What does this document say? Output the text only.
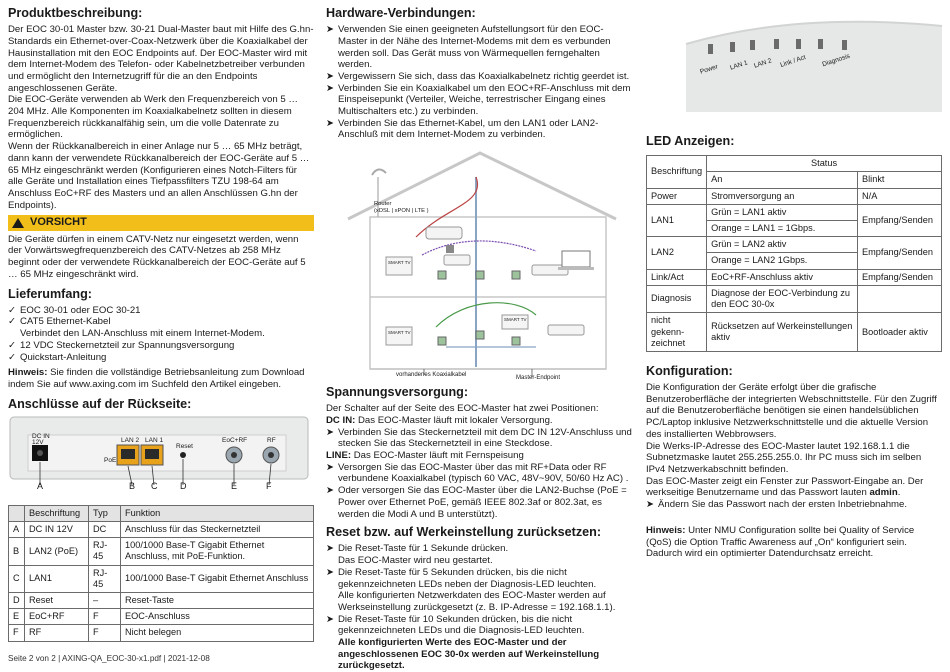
Produktbeschreibung:

Der EOC 30-01 Master bzw. 30-21 Dual-Master baut mit Hilfe des G.hn-Standards ein Ethernet-over-Coax-Netzwerk über die Koaxialkabel der Hausinstallation mit den EOC Endpoints auf. Der EOC-Master wird mit dem Internet-Modem des Telefon- oder Kabelnetzbetreiber verbunden und ermöglicht den Internetzugriff für die an den Endpoints angeschlossenen Geräte.

Die EOC-Geräte verwenden ab Werk den Frequenzbereich von 5 … 204 MHz. Alle Komponenten im Koaxialkabelnetz sollten in diesem Frequenzbereich rückkanalfähig sein, um die volle Datenrate zu ermöglichen.

Wenn der Rückkanalbereich in einer Anlage nur 5 … 65 MHz beträgt, dann kann der verwendete Rückkanalbereich der EOC-Geräte auf 5 … 65 MHz eingeschränkt werden (Konfigurieren eines Notch-Filters für alle Geräte und Installation eines Tiefpassfilters TZU 198-64 am Anschluss EoC+RF des Masters und an allen Anschlüssen G.hn der Endpoints).

VORSICHT

Die Geräte dürfen in einem CATV-Netz nur eingesetzt werden, wenn der Vorwärtswegfrequenzbereich des CATV-Netzes ab 258 MHz beginnt oder der verwendete Rückkanalbereich der EOC-Geräte auf 5 … 65 MHz eingeschränkt wird.

Lieferumfang:
✓ EOC 30-01 oder EOC 30-21
✓ CAT5 Ethernet-Kabel
Verbindet den LAN-Anschluss mit einem Internet-Modem.
✓ 12 VDC Steckernetzteil zur Spannungsversorgung
✓ Quickstart-Anleitung

Hinweis: Sie finden die vollständige Betriebsanleitung zum Download indem Sie auf www.axing.com im Suchfeld den Artikel eingeben.

Anschlüsse auf der Rückseite:
DC IN
12V	LAN 2 LAN 1
PoE
Reset
EoC+RF	RF
A	B C	D	E	F
	Beschriftung	Typ	Funktion
A	DC IN 12V	DC	Anschluss für das Steckernetzteil
B	LAN2 (PoE)	RJ-45	100/1000 Base-T Gigabit Ethernet Anschluss, mit PoE-Funktion.
C	LAN1	RJ-45	100/1000 Base-T Gigabit Ethernet Anschluss
D	Reset	–	Reset-Taste
E	EoC+RF	F	EOC-Anschluss
F	RF	F	Nicht belegen
Hardware-Verbindungen:
➤ Verwenden Sie einen geeigneten Aufstellungsort für den EOC-Master in der Nähe des Internet-Modems mit dem es verbunden werden soll. Das Gerät muss von Wärmequellen ferngehalten werden.
➤ Vergewissern Sie sich, dass das Koaxialkabelnetz richtig geerdet ist.
➤ Verbinden Sie ein Koaxialkabel um den EOC+RF-Anschluss mit dem Einspeisepunkt (Verteiler, Weiche, terrestrischer Eingang eines Multischalters etc.) zu verbinden.
➤ Verbinden Sie das Ethernet-Kabel, um den LAN1 oder LAN2-Anschluß mit dem Internet-Modem zu verbinden.
Router
(xDSL | xPON | LTE )
SMART TV
SMART TV
SMART TV
vorhandenes Koaxialkabel	Master-Endpoint
Spannungsversorgung:

Der Schalter auf der Seite des EOC-Master hat zwei Positionen:

DC IN: Das EOC-Master läuft mit lokaler Versorgung.

➤ Verbinden Sie das Steckernetzteil mit dem DC IN 12V-Anschluss und stecken Sie das Steckernetzteil in eine Steckdose.

LINE: Das EOC-Master läuft mit Fernspeisung

➤ Versorgen Sie das EOC-Master über das mit RF+Data oder RF verbundene Koaxialkabel (typisch 60 VAC, 48V~90V, 50/60 Hz AC) .
➤ Oder versorgen Sie das EOC-Master über die LAN2-Buchse (PoE = Power over Ethernet PoE, gemäß IEEE 802.3af or 802.3at, es werden die Modi A und B unterstützt).
Reset bzw. auf Werkeinstellung zurücksetzen:
➤ Die Reset-Taste für 1 Sekunde drücken.
Das EOC-Master wird neu gestartet.
➤ Die Reset-Taste für 5 Sekunden drücken, bis die nicht gekennzeichneten LEDs neben der Diagnosis-LED leuchten.
Alle konfigurierten Netzwerkdaten des EOC-Master werden auf Werkseinstellung zurückgesetzt (z. B. IP-Adresse = 192.168.1.1).
➤ Die Reset-Taste für 10 Sekunden drücken, bis die nicht gekennzeichneten LEDs und die Diagnosis-LED leuchten.
Alle konfigurierten Werte des EOC-Master und der angeschlossenen EOC 30-0x werden auf Werkeinstellung zurückgesetzt.
Power LAN 1 LAN 2 Link / Act Diagnosis
LED Anzeigen:
Beschriftung	Status	
	An	Blinkt
Power	Stromversorgung an	N/A
LAN1	Grün = LAN1 aktiv	Empfang/Senden
	Orange = LAN1 = 1Gbps.	
LAN2	Grün = LAN2 aktiv	Empfang/Senden
	Orange = LAN2 1Gbps.	
Link/Act	EoC+RF-Anschluss aktiv	Empfang/Senden
Diagnosis	Diagnose der EOC-Verbindung zu den EOC 30-0x	
nicht gekenn-zeichnet	Rücksetzen auf Werkeinstellungen aktiv	Bootloader aktiv
Konfiguration:

Die Konfiguration der Geräte erfolgt über die grafische Benutzeroberfläche der integrierten Webschnittstelle. Für den Zugriff auf die Benutzeroberfläche benötigen sie einen handelsüblichen PC/Laptop inklusive Netzwerkschnittstelle und die aktuelle Version des installierten Webbrowsers.

Die Werks-IP-Adresse des EOC-Master lautet 192.168.1.1 die Subnetzmaske lautet 255.255.255.0. Ihr PC muss sich im selben IPv4 Netzwerkabschnitt befinden.

Das EOC-Master zeigt ein Fenster zur Passwort-Eingabe an. Der werkseitige Benutzername und das Passwort lauten admin.

➤ Ändern Sie das Passwort nach der ersten Inbetriebnahme.

Hinweis: Unter NMU Configuration sollte bei Quality of Service (QoS) die Option Traffic Awareness auf „On“ konfiguriert sein. Dadurch wird ein optimierter Datendurchsatz erreicht.

Seite 2 von 2 | AXING-QA_EOC-30-x1.pdf | 2021-12-08
